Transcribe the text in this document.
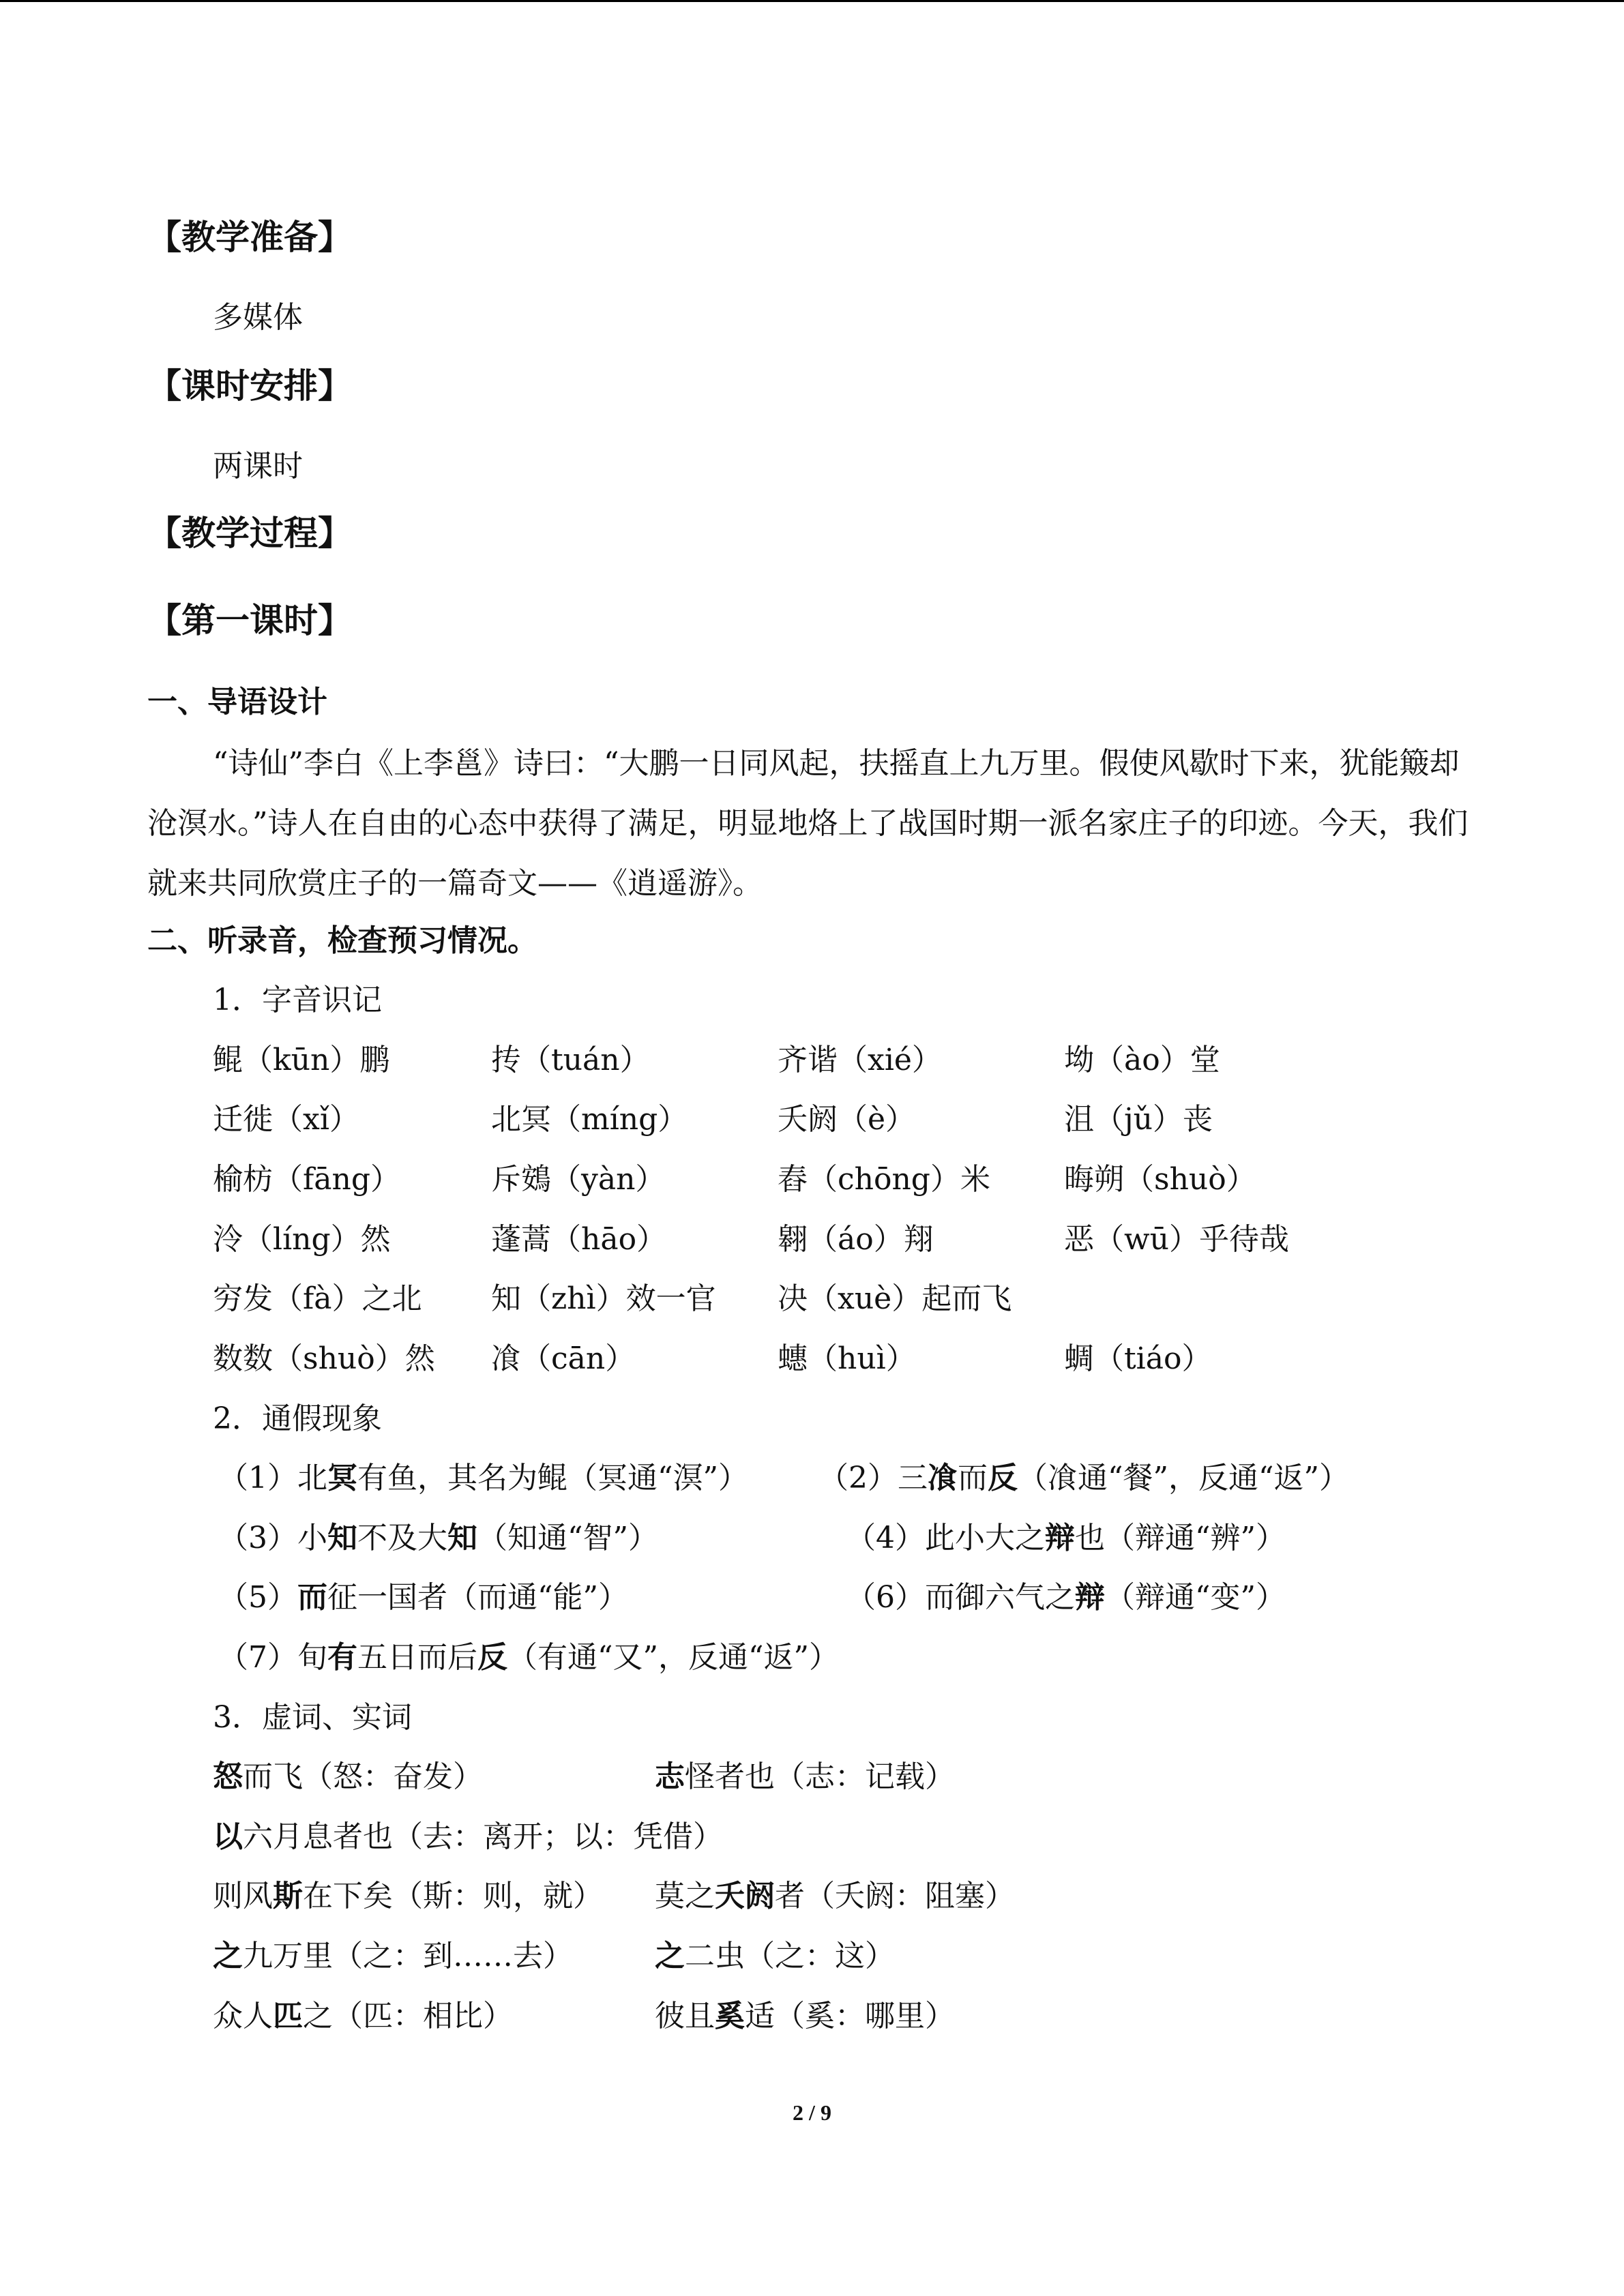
【教学准备】
多媒体
【课时安排】
两课时
【教学过程】
【第一课时】
一、导语设计

“诗仙”李白《上李邕》诗曰：“大鹏一日同风起，扶摇直上九万里。假使风歇时下来，犹能簸却沧溟水。”诗人在自由的心态中获得了满足，明显地烙上了战国时期一派名家庄子的印迹。今天，我们就来共同欣赏庄子的一篇奇文——《逍遥游》。

二、听录音，检查预习情况。
1．字音识记
鲲（kūn）鹏	抟（tuán）	齐谐（xié）	坳（ào）堂
迁徙（xǐ）	北冥（míng）	夭阏（è）	沮（jǔ）丧
榆枋（fāng）	斥鴳（yàn）	舂（chōng）米 晦朔（shuò）
泠（líng）然	蓬蒿（hāo）	翱（áo）翔	恶（wū）乎待哉
穷发（fà）之北 知（zhì）效一官 决（xuè）起而飞
数数（shuò）然 飡（cān）	蟪（huì）	蜩（tiáo）
2．通假现象
（1）北冥有鱼，其名为鲲（冥通“溟”） （2）三飡而反（飡通“餐”，反通“返”）
（3）小知不及大知（知通“智”）	（4）此小大之辩也（辩通“辨”）
（5）而征一国者（而通“能”）	（6）而御六气之辩（辩通“变”）
（7）旬有五日而后反（有通“又”，反通“返”）
3．虚词、实词
怒而飞（怒：奋发）	志怪者也（志：记载）
以六月息者也（去：离开；以：凭借）
则风斯在下矣（斯：则，就） 莫之夭阏者（夭阏：阻塞）
之九万里（之：到……去）	之二虫（之：这）
众人匹之（匹：相比）	彼且奚适（奚：哪里）
2 / 9
